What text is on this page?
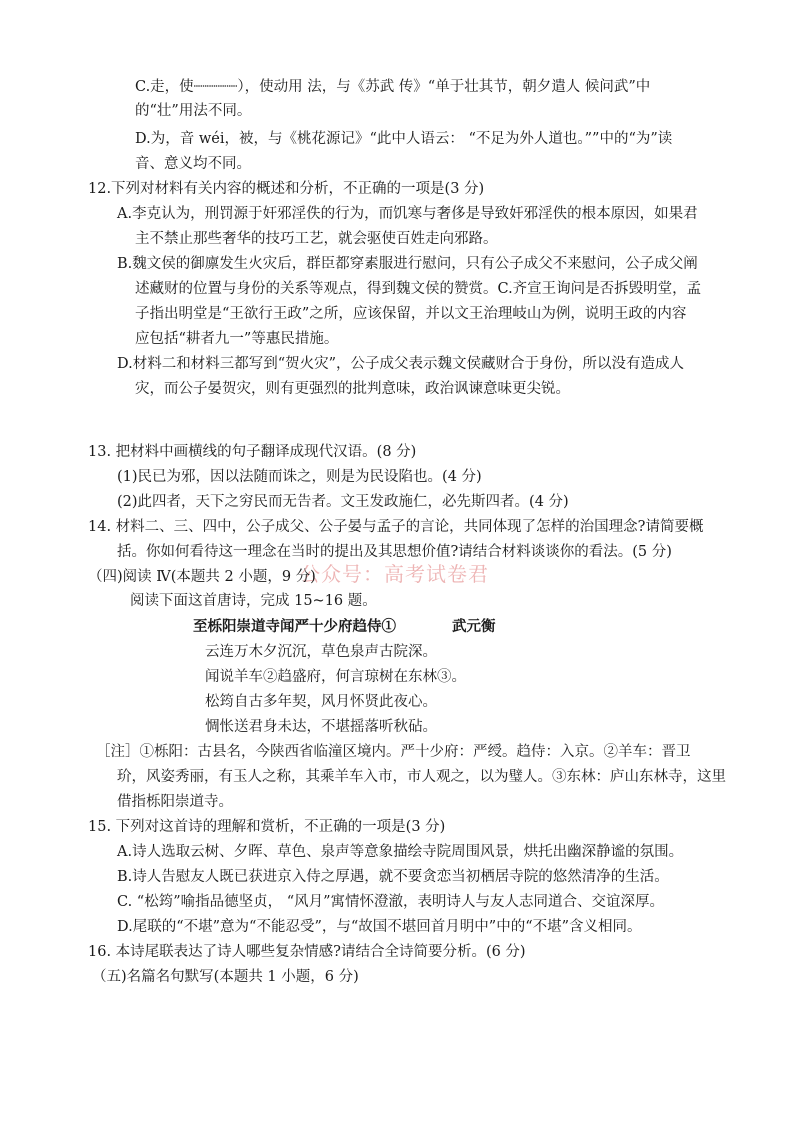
C.走，使┈┈┈┈┈），使动用 法，与《苏武 传》“单于壮其节，朝夕遣人 候问武”中
的“壮”用法不同。
D.为，音 wéi，被，与《桃花源记》“此中人语云： “不足为外人道也。””中的“为”读
音、意义均不同。
12.下列对材料有关内容的概述和分析，不正确的一项是(3 分)
A.李克认为，刑罚源于奸邪淫佚的行为，而饥寒与奢侈是导致奸邪淫佚的根本原因，如果君
主不禁止那些奢华的技巧工艺，就会驱使百姓走向邪路。
B.魏文侯的御廪发生火灾后，群臣都穿素服进行慰问，只有公子成父不来慰问，公子成父阐
述藏财的位置与身份的关系等观点，得到魏文侯的赞赏。C.齐宣王询问是否拆毁明堂，孟
子指出明堂是“王欲行王政”之所，应该保留，并以文王治理岐山为例，说明王政的内容
应包括“耕者九一”等惠民措施。
D.材料二和材料三都写到“贺火灾”，公子成父表示魏文侯藏财合于身份，所以没有造成人
灾，而公子晏贺灾，则有更强烈的批判意味，政治讽谏意味更尖锐。
13. 把材料中画横线的句子翻译成现代汉语。(8 分)
(1)民已为邪，因以法随而诛之，则是为民设陷也。(4 分)
(2)此四者，天下之穷民而无告者。文王发政施仁，必先斯四者。(4 分)
14. 材料二、三、四中，公子成父、公子晏与孟子的言论，共同体现了怎样的治国理念?请简要概
括。你如何看待这一理念在当时的提出及其思想价值?请结合材料谈谈你的看法。(5 分)
公众号：高考试卷君
（四)阅读 Ⅳ(本题共 2 小题，9 分)
阅读下面这首唐诗，完成 15~16 题。
至栎阳崇道寺闻严十少府趋侍①	武元衡
云连万木夕沉沉，草色泉声古院深。
闻说羊车②趋盛府，何言琼树在东林③。
松筠自古多年契，风月怀贤此夜心。
惆怅送君身未达，不堪摇落听秋砧。
［注］①栎阳：古县名，今陕西省临潼区境内。严十少府：严绶。趋侍：入京。②羊车：晋卫
玠，风姿秀丽，有玉人之称，其乘羊车入市，市人观之，以为璧人。③东林：庐山东林寺，这里
借指栎阳崇道寺。
15. 下列对这首诗的理解和赏析，不正确的一项是(3 分)
A.诗人选取云树、夕晖、草色、泉声等意象描绘寺院周围风景，烘托出幽深静谧的氛围。
B.诗人告慰友人既已获进京入侍之厚遇，就不要贪恋当初栖居寺院的悠然清净的生活。
C. “松筠”喻指品德坚贞， “风月”寓情怀澄澈，表明诗人与友人志同道合、交谊深厚。
D.尾联的“不堪”意为“不能忍受”，与“故国不堪回首月明中”中的“不堪”含义相同。
16. 本诗尾联表达了诗人哪些复杂情感?请结合全诗简要分析。(6 分)
（五)名篇名句默写(本题共 1 小题，6 分)
